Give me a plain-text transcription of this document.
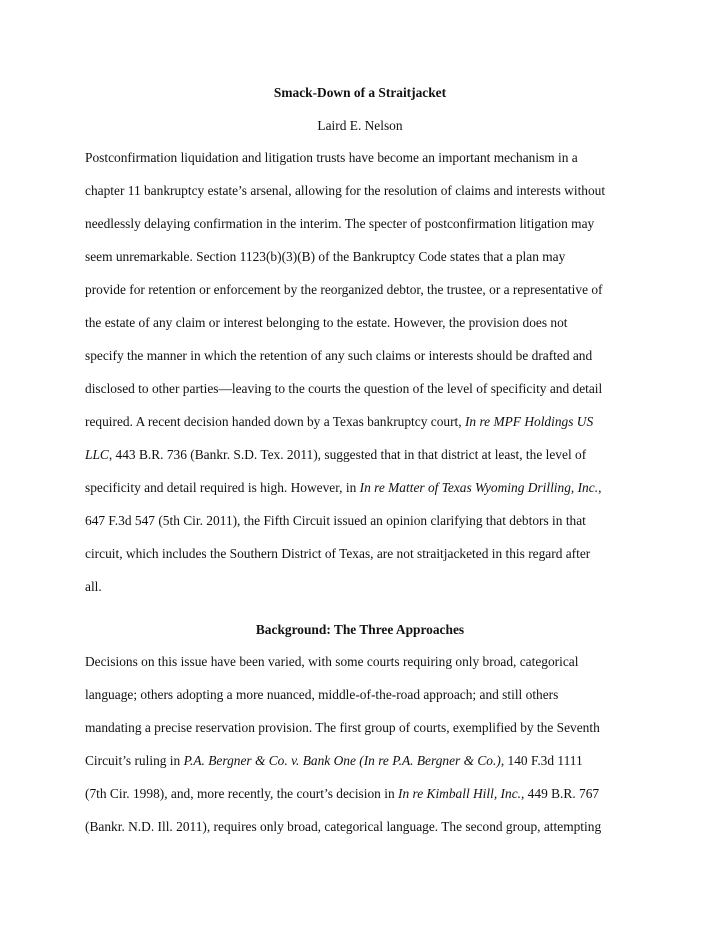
Smack-Down of a Straitjacket
Laird E. Nelson
Postconfirmation liquidation and litigation trusts have become an important mechanism in a
chapter 11 bankruptcy estate’s arsenal, allowing for the resolution of claims and interests without
needlessly delaying confirmation in the interim. The specter of postconfirmation litigation may
seem unremarkable. Section 1123(b)(3)(B) of the Bankruptcy Code states that a plan may
provide for retention or enforcement by the reorganized debtor, the trustee, or a representative of
the estate of any claim or interest belonging to the estate. However, the provision does not
specify the manner in which the retention of any such claims or interests should be drafted and
disclosed to other parties―leaving to the courts the question of the level of specificity and detail
required. A recent decision handed down by a Texas bankruptcy court, In re MPF Holdings US
LLC, 443 B.R. 736 (Bankr. S.D. Tex. 2011), suggested that in that district at least, the level of
specificity and detail required is high. However, in In re Matter of Texas Wyoming Drilling, Inc.,
647 F.3d 547 (5th Cir. 2011), the Fifth Circuit issued an opinion clarifying that debtors in that
circuit, which includes the Southern District of Texas, are not straitjacketed in this regard after
all.
Background: The Three Approaches
Decisions on this issue have been varied, with some courts requiring only broad, categorical
language; others adopting a more nuanced, middle-of-the-road approach; and still others
mandating a precise reservation provision. The first group of courts, exemplified by the Seventh
Circuit’s ruling in P.A. Bergner & Co. v. Bank One (In re P.A. Bergner & Co.), 140 F.3d 1111
(7th Cir. 1998), and, more recently, the court’s decision in In re Kimball Hill, Inc., 449 B.R. 767
(Bankr. N.D. Ill. 2011), requires only broad, categorical language. The second group, attempting
